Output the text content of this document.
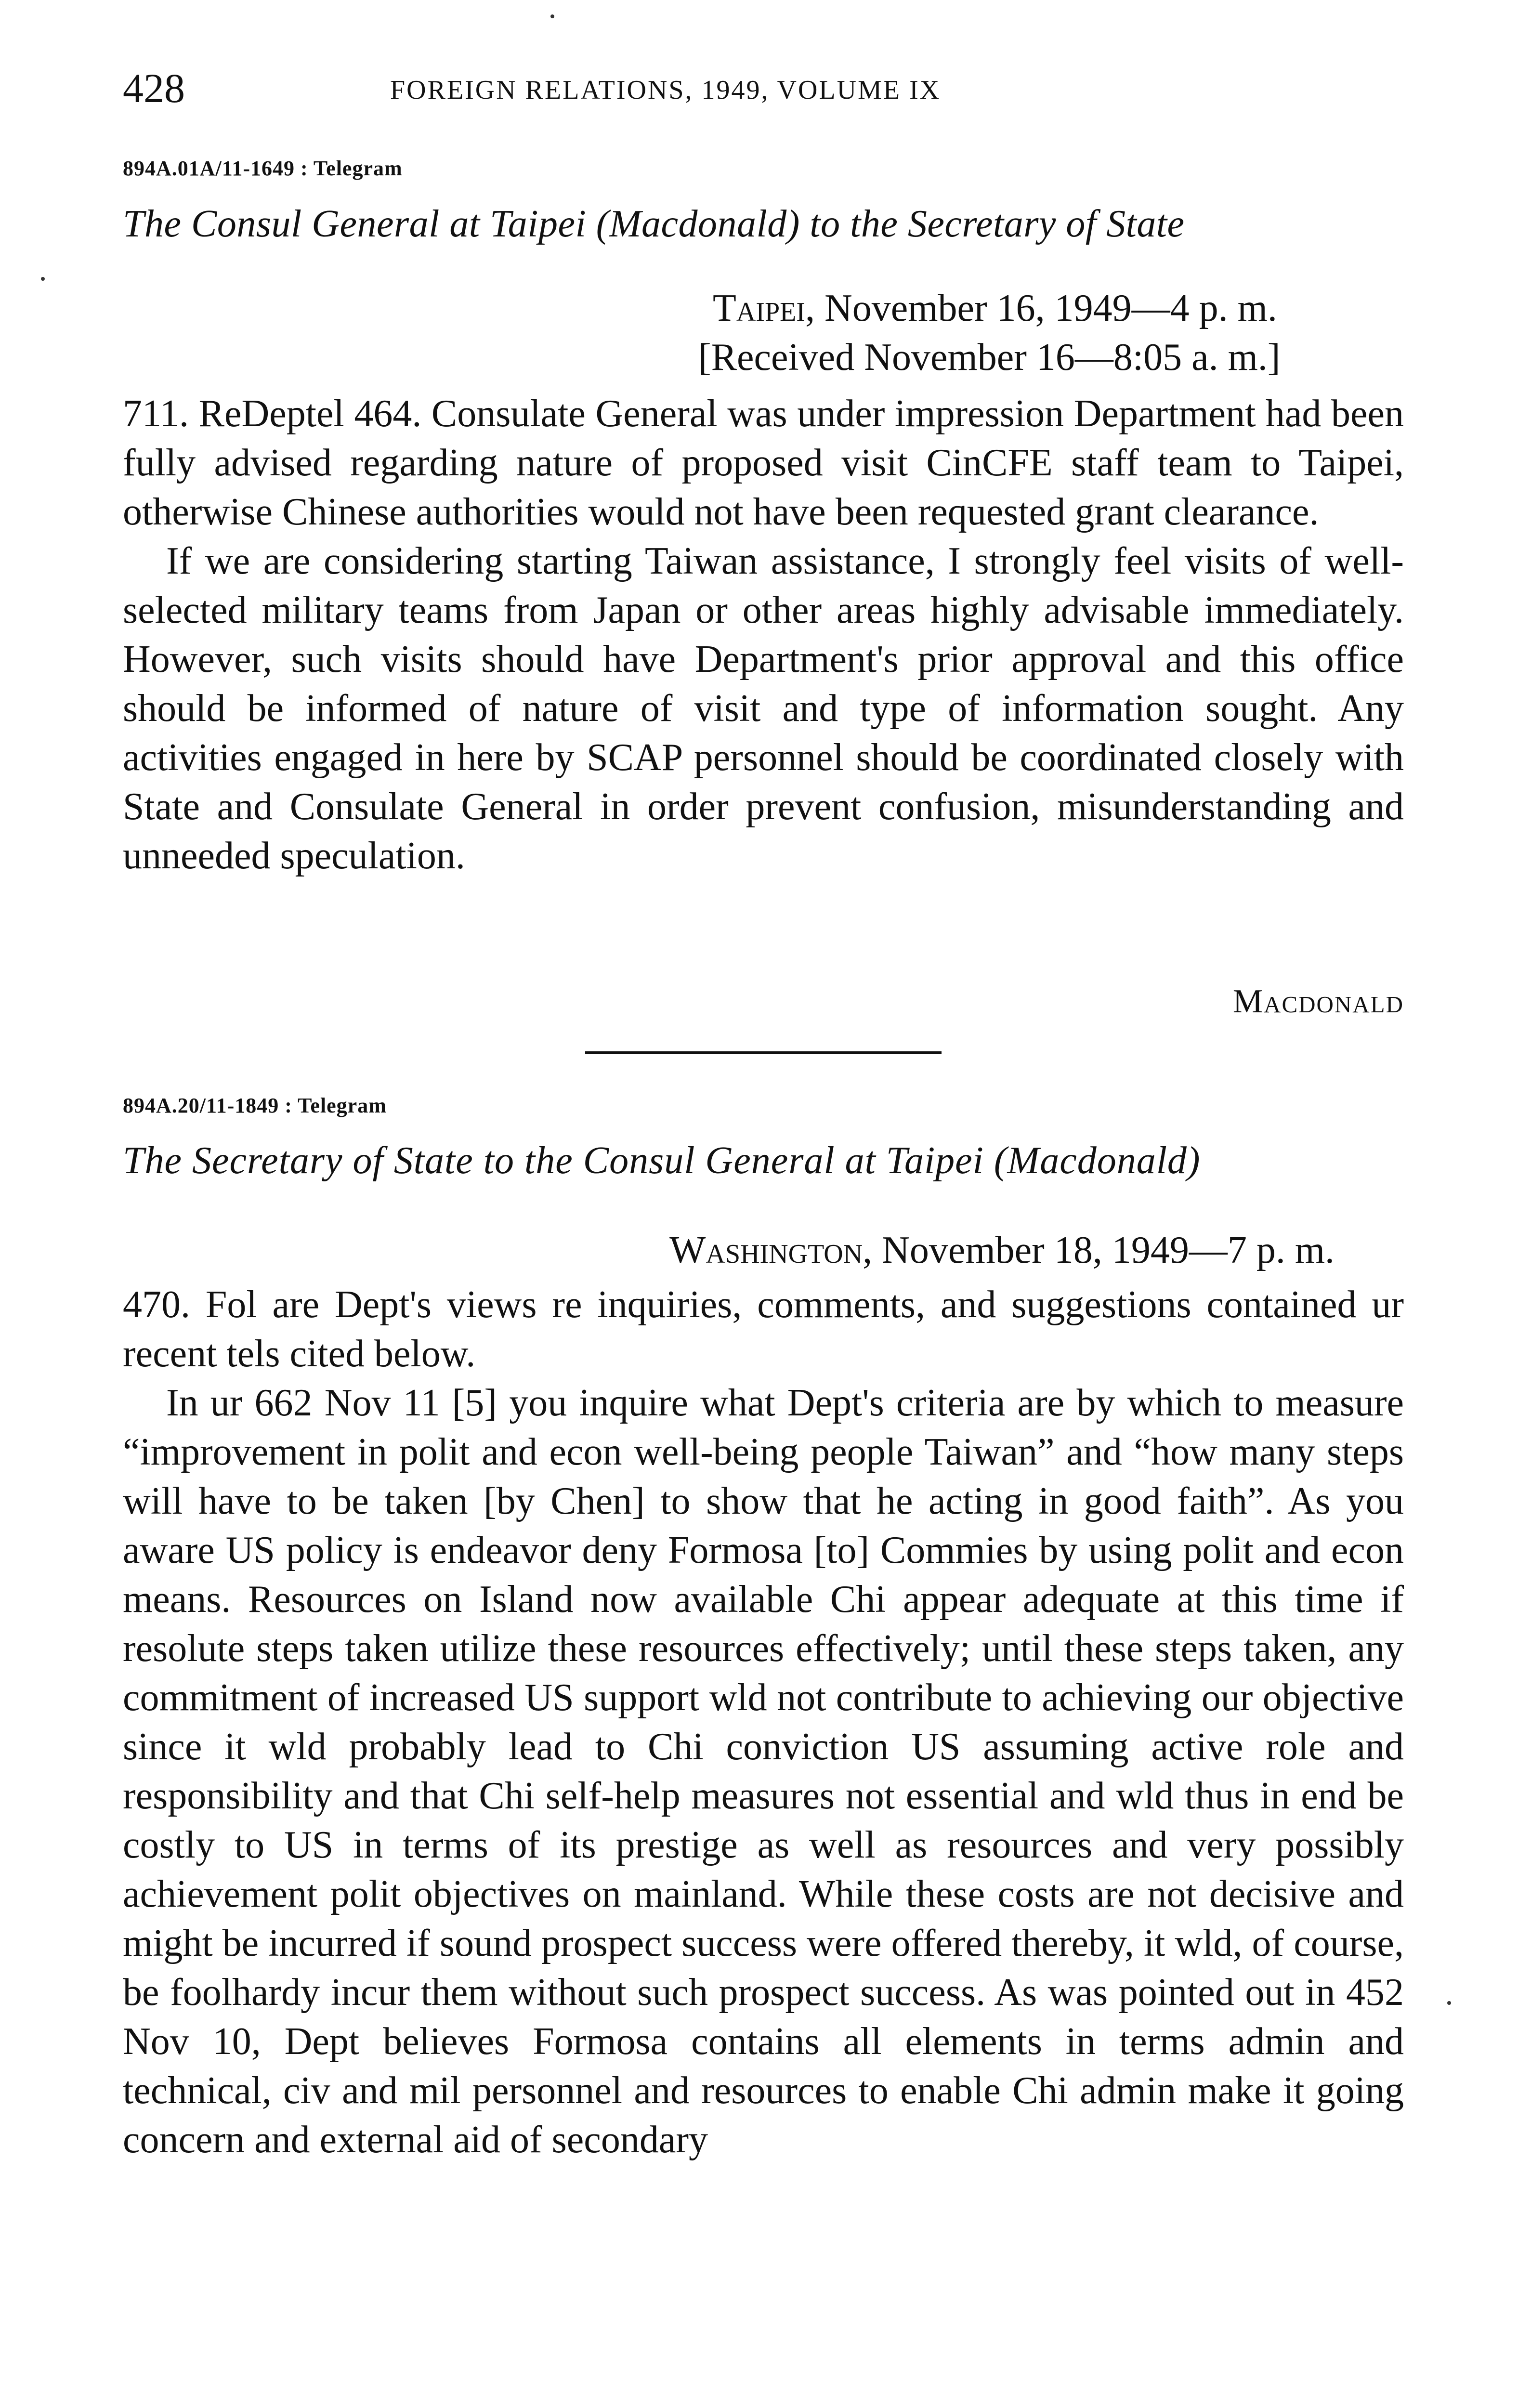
428	FOREIGN RELATIONS, 1949, VOLUME IX
894A.01A/11-1649 : Telegram
The Consul General at Taipei (Macdonald) to the Secretary of State
Taipei, November 16, 1949—4 p. m.
[Received November 16—8:05 a. m.]

711. ReDeptel 464. Consulate General was under impression Department had been fully advised regarding nature of proposed visit CinCFE staff team to Taipei, otherwise Chinese authorities would not have been requested grant clearance.

If we are considering starting Taiwan assistance, I strongly feel visits of well-selected military teams from Japan or other areas highly advisable immediately. However, such visits should have Department's prior approval and this office should be informed of nature of visit and type of information sought. Any activities engaged in here by SCAP personnel should be coordinated closely with State and Consulate General in order prevent confusion, misunderstanding and unneeded speculation.

Macdonald
894A.20/11-1849 : Telegram
The Secretary of State to the Consul General at Taipei (Macdonald)
Washington, November 18, 1949—7 p. m.

470. Fol are Dept's views re inquiries, comments, and suggestions contained ur recent tels cited below.

In ur 662 Nov 11 [5] you inquire what Dept's criteria are by which to measure “improvement in polit and econ well-being people Taiwan” and “how many steps will have to be taken [by Chen] to show that he acting in good faith”. As you aware US policy is endeavor deny Formosa [to] Commies by using polit and econ means. Resources on Island now available Chi appear adequate at this time if resolute steps taken utilize these resources effectively; until these steps taken, any commitment of increased US support wld not contribute to achieving our objective since it wld probably lead to Chi conviction US assuming active role and responsibility and that Chi self-help measures not essential and wld thus in end be costly to US in terms of its prestige as well as resources and very possibly achievement polit objectives on mainland. While these costs are not decisive and might be incurred if sound prospect success were offered thereby, it wld, of course, be foolhardy incur them without such prospect success. As was pointed out in 452 Nov 10, Dept believes Formosa contains all elements in terms admin and technical, civ and mil personnel and resources to enable Chi admin make it going concern and external aid of secondary
